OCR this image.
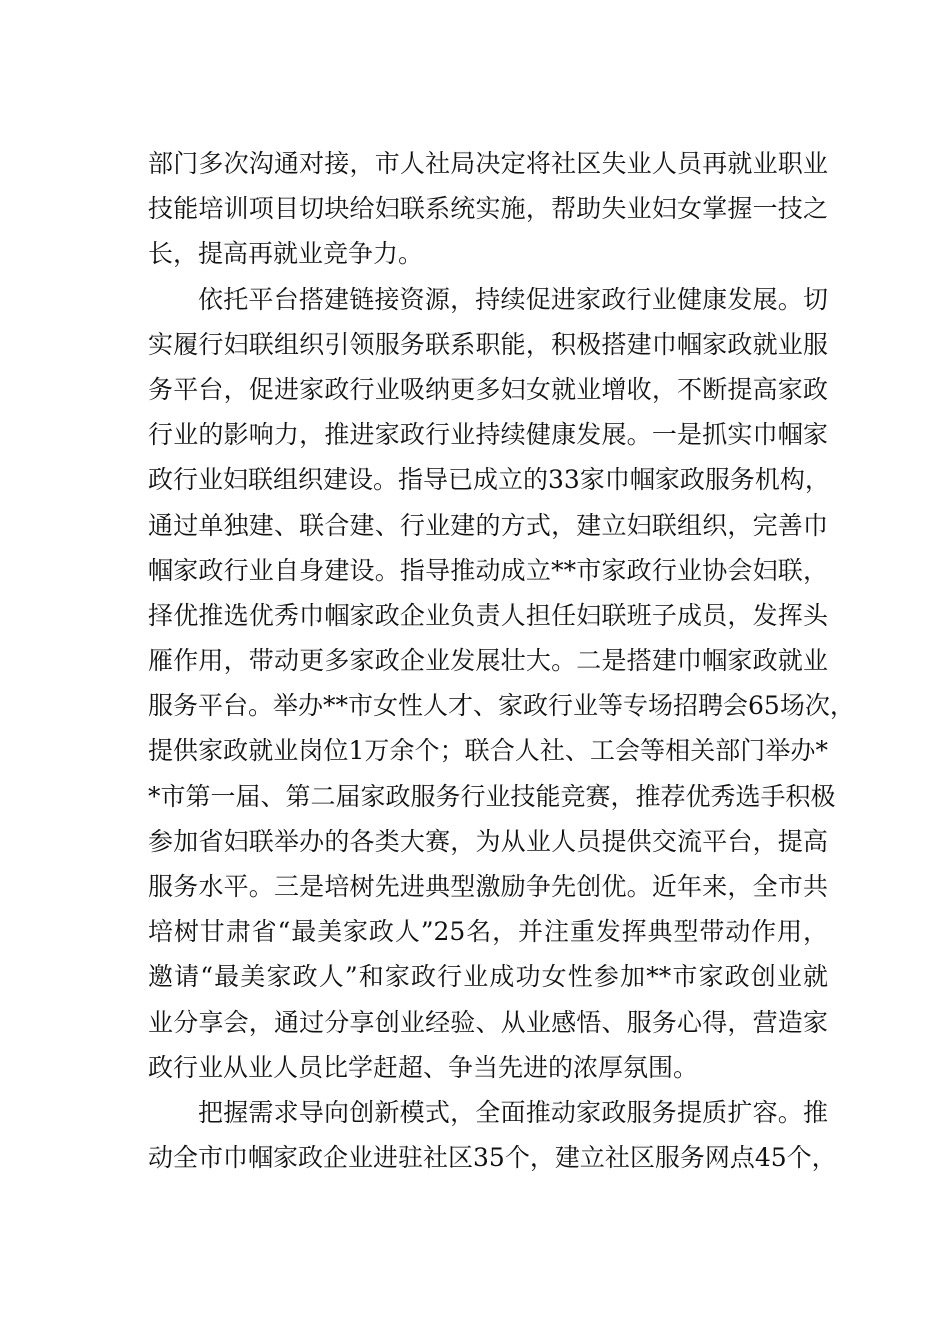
部门多次沟通对接，市人社局决定将社区失业人员再就业职业
技能培训项目切块给妇联系统实施，帮助失业妇女掌握一技之
长，提高再就业竞争力。
依托平台搭建链接资源，持续促进家政行业健康发展。切
实履行妇联组织引领服务联系职能，积极搭建巾帼家政就业服
务平台，促进家政行业吸纳更多妇女就业增收，不断提高家政
行业的影响力，推进家政行业持续健康发展。一是抓实巾帼家
政行业妇联组织建设。指导已成立的33家巾帼家政服务机构，
通过单独建、联合建、行业建的方式，建立妇联组织，完善巾
帼家政行业自身建设。指导推动成立**市家政行业协会妇联，
择优推选优秀巾帼家政企业负责人担任妇联班子成员，发挥头
雁作用，带动更多家政企业发展壮大。二是搭建巾帼家政就业
服务平台。举办**市女性人才、家政行业等专场招聘会65场次，
提供家政就业岗位1万余个；联合人社、工会等相关部门举办*
*市第一届、第二届家政服务行业技能竞赛，推荐优秀选手积极
参加省妇联举办的各类大赛，为从业人员提供交流平台，提高
服务水平。三是培树先进典型激励争先创优。近年来，全市共
培树甘肃省“最美家政人”25名，并注重发挥典型带动作用，
邀请“最美家政人”和家政行业成功女性参加**市家政创业就
业分享会，通过分享创业经验、从业感悟、服务心得，营造家
政行业从业人员比学赶超、争当先进的浓厚氛围。
把握需求导向创新模式，全面推动家政服务提质扩容。推
动全市巾帼家政企业进驻社区35个，建立社区服务网点45个，
